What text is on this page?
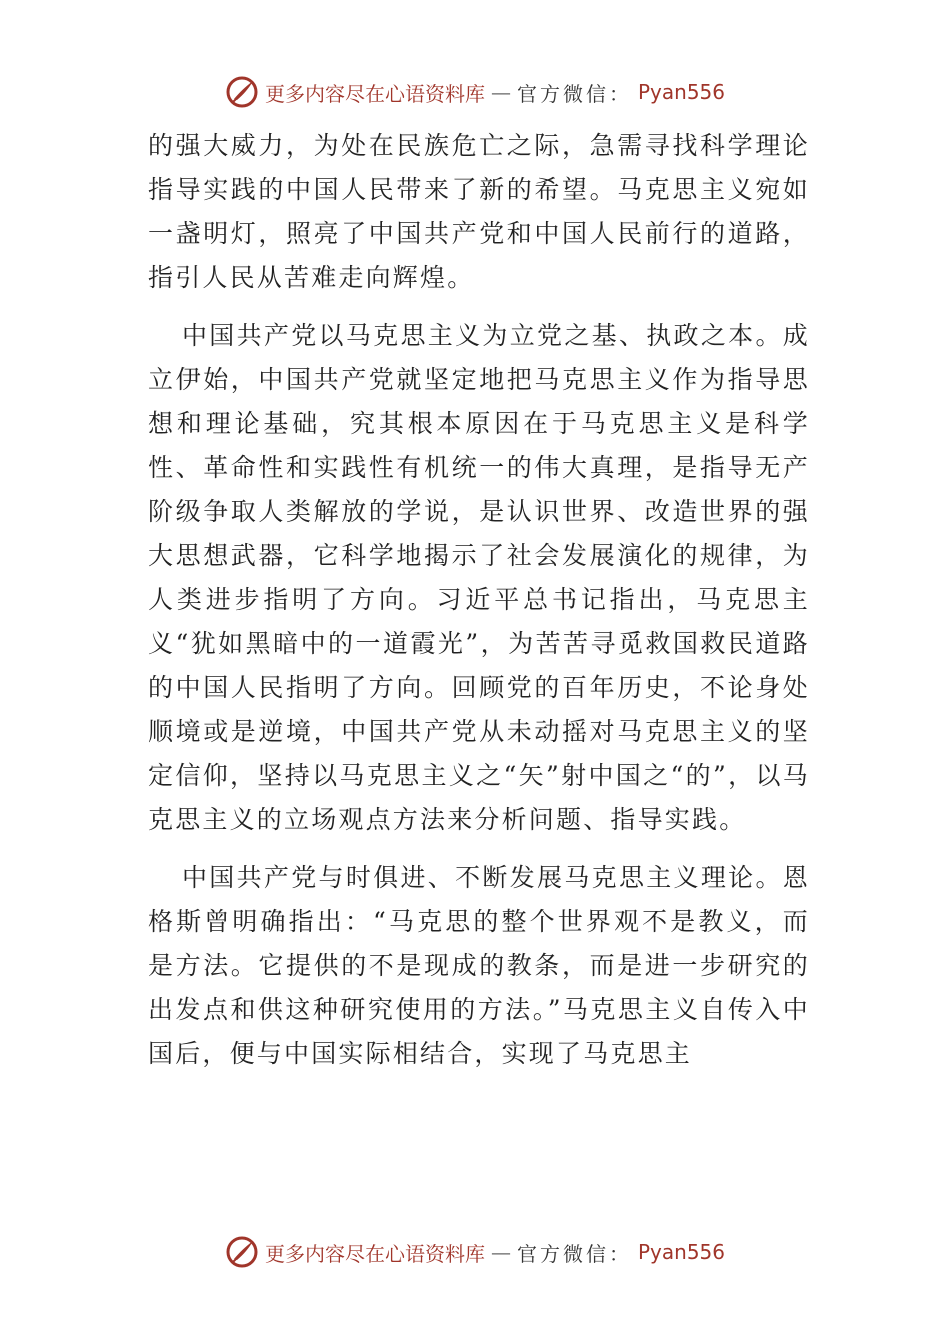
更多内容尽在心语资料库 — 官方微信： Pyan556

的强大威力，为处在民族危亡之际，急需寻找科学理论指导实践的中国人民带来了新的希望。马克思主义宛如一盏明灯，照亮了中国共产党和中国人民前行的道路，指引人民从苦难走向辉煌。

中国共产党以马克思主义为立党之基、执政之本。成立伊始，中国共产党就坚定地把马克思主义作为指导思想和理论基础，究其根本原因在于马克思主义是科学性、革命性和实践性有机统一的伟大真理，是指导无产阶级争取人类解放的学说，是认识世界、改造世界的强大思想武器，它科学地揭示了社会发展演化的规律，为人类进步指明了方向。习近平总书记指出，马克思主义“犹如黑暗中的一道霞光”，为苦苦寻觅救国救民道路的中国人民指明了方向。回顾党的百年历史，不论身处顺境或是逆境，中国共产党从未动摇对马克思主义的坚定信仰，坚持以马克思主义之“矢”射中国之“的”，以马克思主义的立场观点方法来分析问题、指导实践。

中国共产党与时俱进、不断发展马克思主义理论。恩格斯曾明确指出：“马克思的整个世界观不是教义，而是方法。它提供的不是现成的教条，而是进一步研究的出发点和供这种研究使用的方法。”马克思主义自传入中国后，便与中国实际相结合，实现了马克思主

更多内容尽在心语资料库 — 官方微信： Pyan556
